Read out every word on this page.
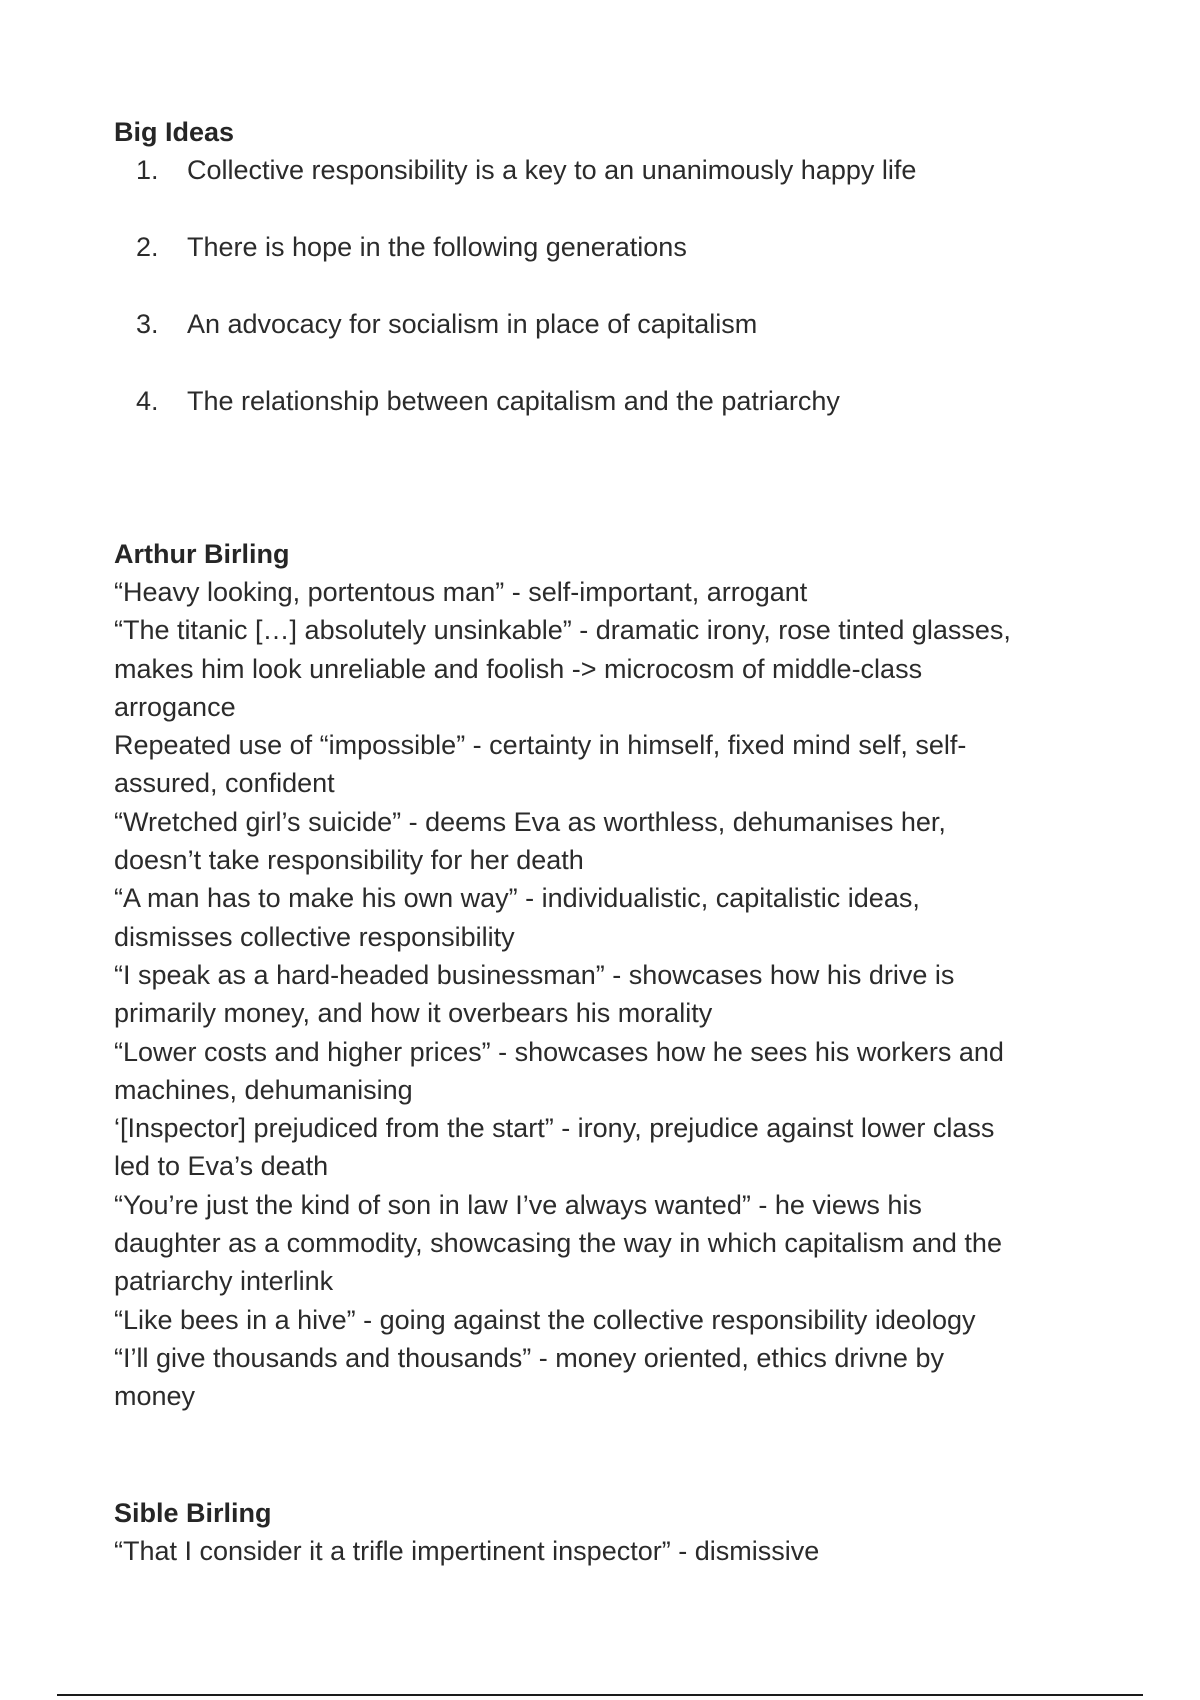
Big Ideas
1. Collective responsibility is a key to an unanimously happy life
2. There is hope in the following generations
3. An advocacy for socialism in place of capitalism
4. The relationship between capitalism and the patriarchy
Arthur Birling

“Heavy looking, portentous man” - self-important, arrogant

“The titanic […] absolutely unsinkable” - dramatic irony, rose tinted glasses,

makes him look unreliable and foolish -> microcosm of middle-class

arrogance

Repeated use of “impossible” - certainty in himself, fixed mind self, self-

assured, confident

“Wretched girl’s suicide” - deems Eva as worthless, dehumanises her,

doesn’t take responsibility for her death

“A man has to make his own way” - individualistic, capitalistic ideas,

dismisses collective responsibility

“I speak as a hard-headed businessman” - showcases how his drive is

primarily money, and how it overbears his morality

“Lower costs and higher prices” - showcases how he sees his workers and

machines, dehumanising

‘[Inspector] prejudiced from the start” - irony, prejudice against lower class

led to Eva’s death

“You’re just the kind of son in law I’ve always wanted” - he views his

daughter as a commodity, showcasing the way in which capitalism and the

patriarchy interlink

“Like bees in a hive” - going against the collective responsibility ideology

“I’ll give thousands and thousands” - money oriented, ethics drivne by

money

Sible Birling

“That I consider it a trifle impertinent inspector” - dismissive
